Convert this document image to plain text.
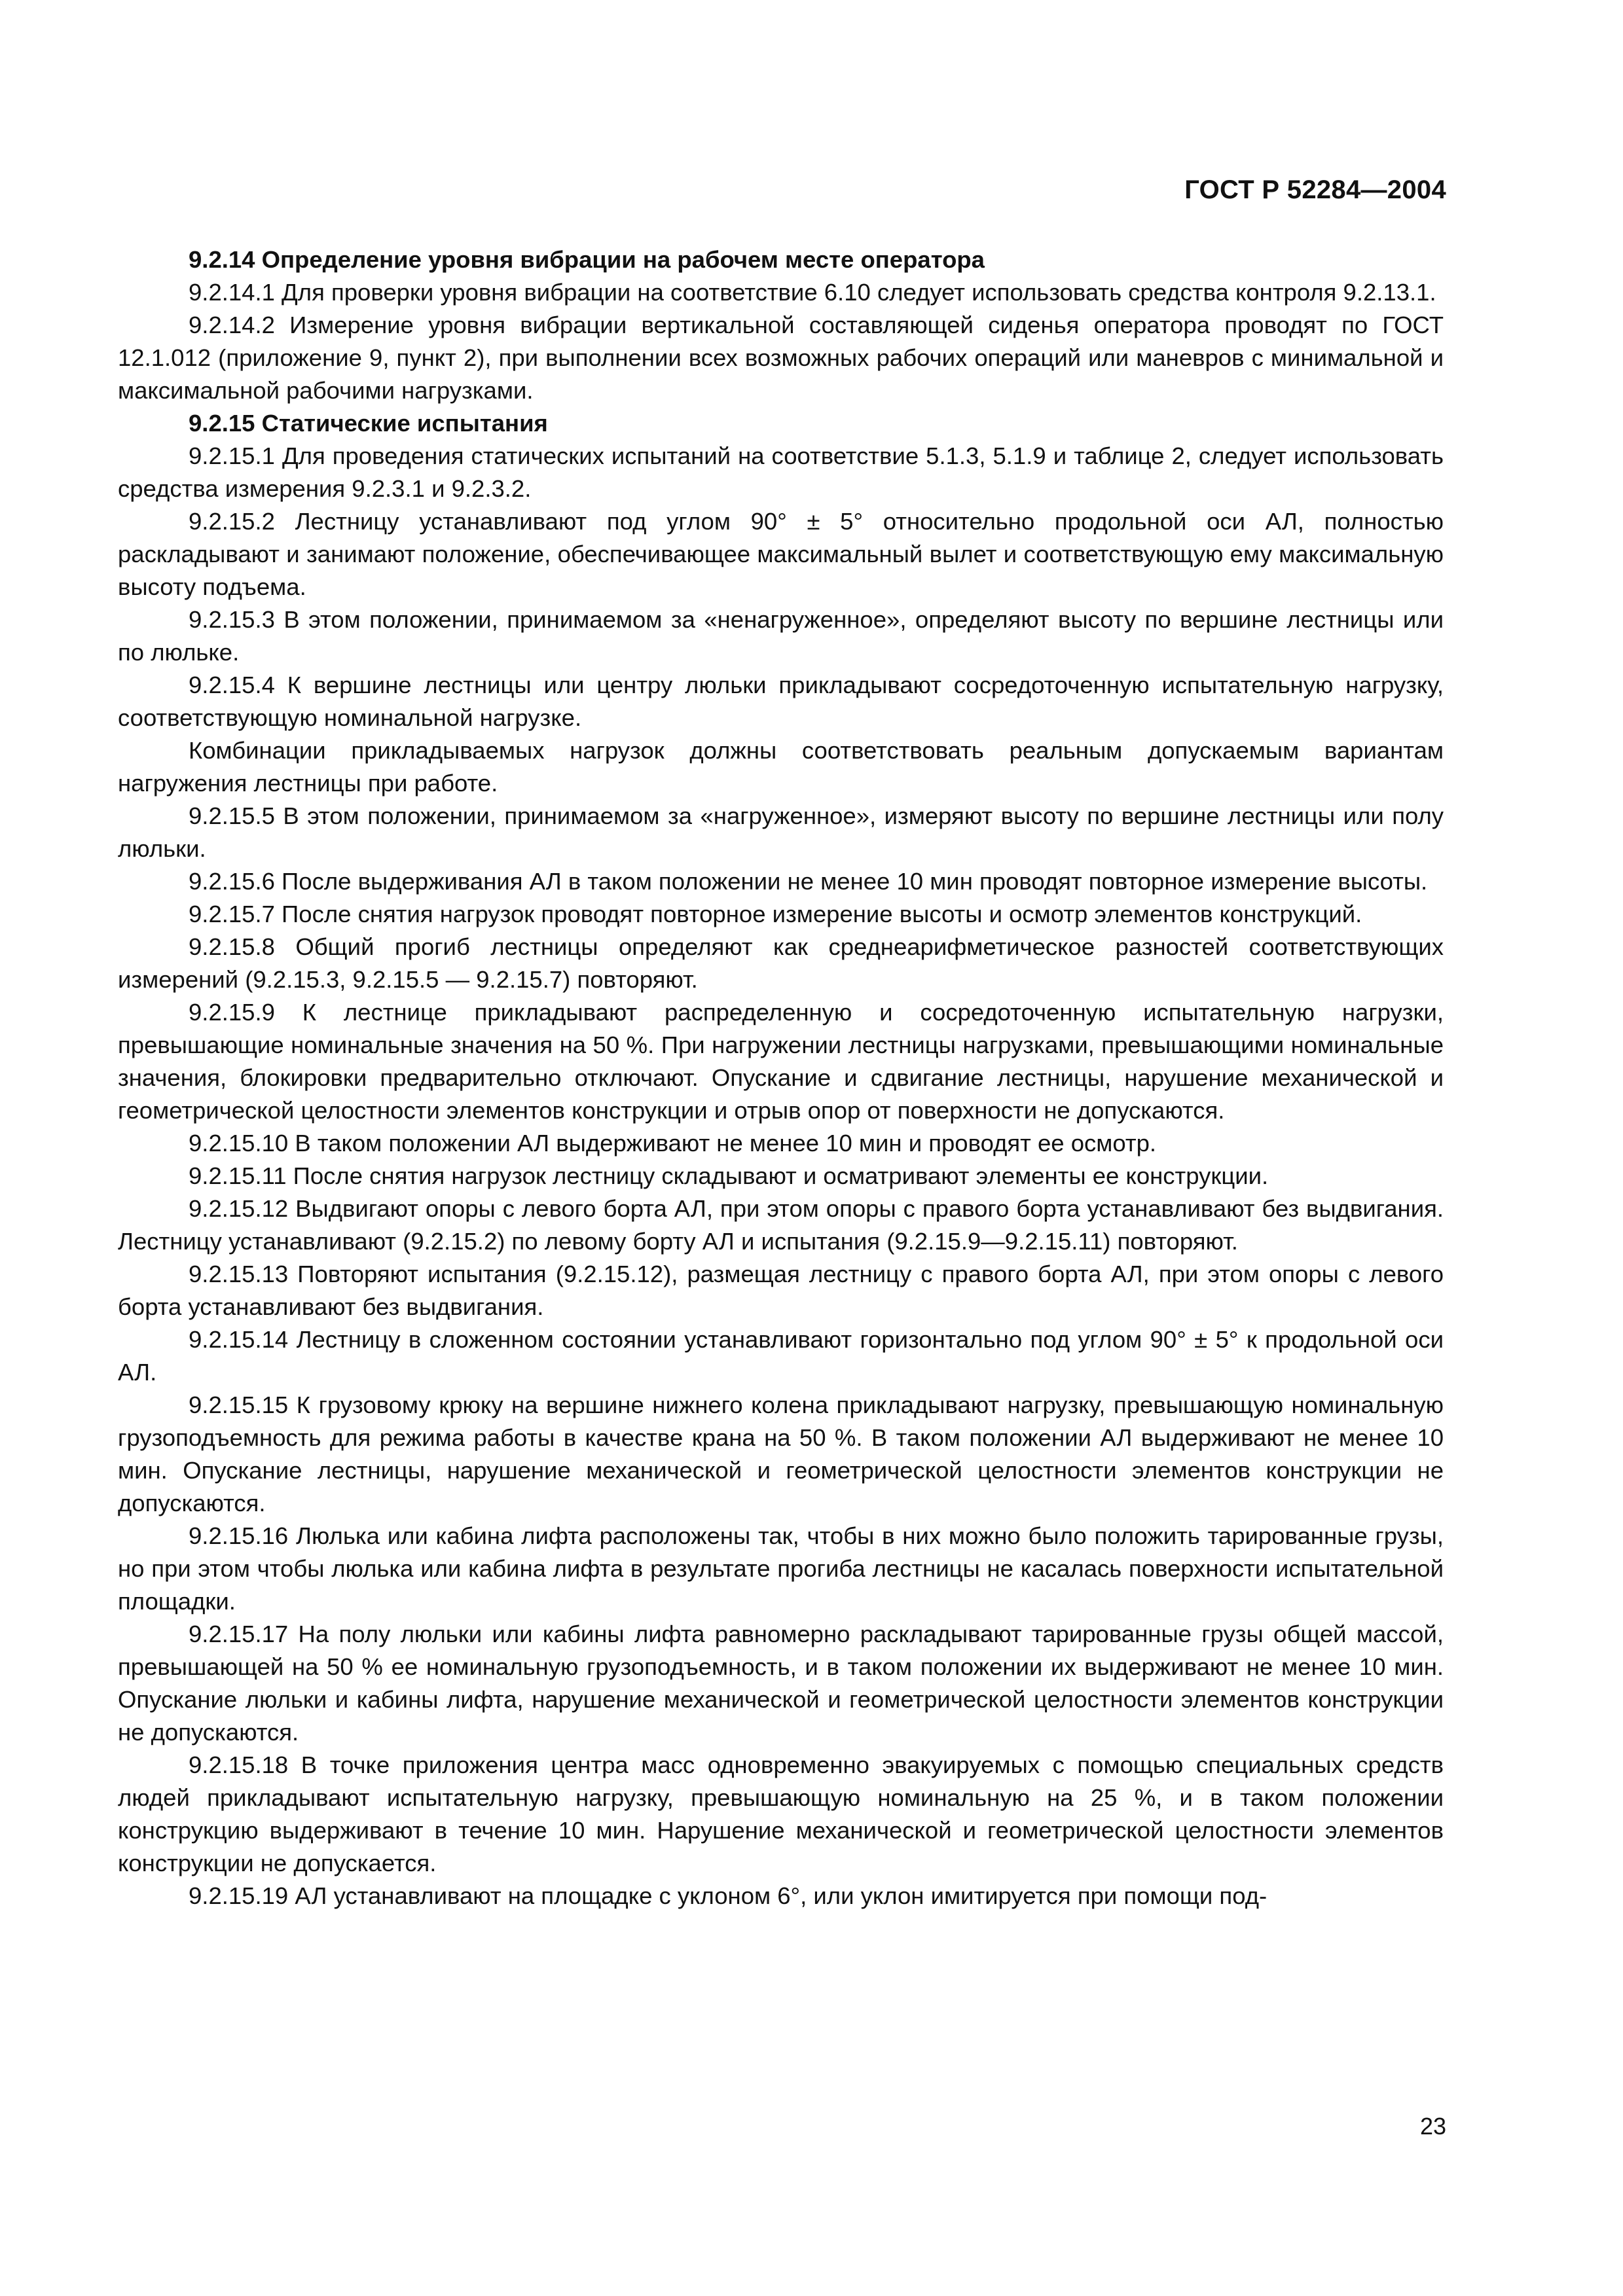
ГОСТ Р 52284—2004

9.2.14 Определение уровня вибрации на рабочем месте оператора

9.2.14.1 Для проверки уровня вибрации на соответствие 6.10 следует использовать средства контроля 9.2.13.1.

9.2.14.2 Измерение уровня вибрации вертикальной составляющей сиденья оператора проводят по ГОСТ 12.1.012 (приложение 9, пункт 2), при выполнении всех возможных рабочих операций или маневров с минимальной и максимальной рабочими нагрузками.

9.2.15 Статические испытания

9.2.15.1 Для проведения статических испытаний на соответствие 5.1.3, 5.1.9 и таблице 2, следует использовать средства измерения 9.2.3.1 и 9.2.3.2.

9.2.15.2 Лестницу устанавливают под углом 90° ± 5° относительно продольной оси АЛ, полностью раскладывают и занимают положение, обеспечивающее максимальный вылет и соответствующую ему максимальную высоту подъема.

9.2.15.3 В этом положении, принимаемом за «ненагруженное», определяют высоту по вершине лестницы или по люльке.

9.2.15.4 К вершине лестницы или центру люльки прикладывают сосредоточенную испытательную нагрузку, соответствующую номинальной нагрузке.

Комбинации прикладываемых нагрузок должны соответствовать реальным допускаемым вариантам нагружения лестницы при работе.

9.2.15.5 В этом положении, принимаемом за «нагруженное», измеряют высоту по вершине лестницы или полу люльки.

9.2.15.6 После выдерживания АЛ в таком положении не менее 10 мин проводят повторное измерение высоты.

9.2.15.7 После снятия нагрузок проводят повторное измерение высоты и осмотр элементов конструкций.

9.2.15.8 Общий прогиб лестницы определяют как среднеарифметическое разностей соответствующих измерений (9.2.15.3, 9.2.15.5 — 9.2.15.7) повторяют.

9.2.15.9 К лестнице прикладывают распределенную и сосредоточенную испытательную нагрузки, превышающие номинальные значения на 50 %. При нагружении лестницы нагрузками, превышающими номинальные значения, блокировки предварительно отключают. Опускание и сдвигание лестницы, нарушение механической и геометрической целостности элементов конструкции и отрыв опор от поверхности не допускаются.

9.2.15.10 В таком положении АЛ выдерживают не менее 10 мин и проводят ее осмотр.

9.2.15.11 После снятия нагрузок лестницу складывают и осматривают элементы ее конструкции.

9.2.15.12 Выдвигают опоры с левого борта АЛ, при этом опоры с правого борта устанавливают без выдвигания. Лестницу устанавливают (9.2.15.2) по левому борту АЛ и испытания (9.2.15.9—9.2.15.11) повторяют.

9.2.15.13 Повторяют испытания (9.2.15.12), размещая лестницу с правого борта АЛ, при этом опоры с левого борта устанавливают без выдвигания.

9.2.15.14 Лестницу в сложенном состоянии устанавливают горизонтально под углом 90° ± 5° к продольной оси АЛ.

9.2.15.15 К грузовому крюку на вершине нижнего колена прикладывают нагрузку, превышающую номинальную грузоподъемность для режима работы в качестве крана на 50 %. В таком положении АЛ выдерживают не менее 10 мин. Опускание лестницы, нарушение механической и геометрической целостности элементов конструкции не допускаются.

9.2.15.16 Люлька или кабина лифта расположены так, чтобы в них можно было положить тарированные грузы, но при этом чтобы люлька или кабина лифта в результате прогиба лестницы не касалась поверхности испытательной площадки.

9.2.15.17 На полу люльки или кабины лифта равномерно раскладывают тарированные грузы общей массой, превышающей на 50 % ее номинальную грузоподъемность, и в таком положении их выдерживают не менее 10 мин. Опускание люльки и кабины лифта, нарушение механической и геометрической целостности элементов конструкции не допускаются.

9.2.15.18 В точке приложения центра масс одновременно эвакуируемых с помощью специальных средств людей прикладывают испытательную нагрузку, превышающую номинальную на 25 %, и в таком положении конструкцию выдерживают в течение 10 мин. Нарушение механической и геометрической целостности элементов конструкции не допускается.

9.2.15.19 АЛ устанавливают на площадке с уклоном 6°, или уклон имитируется при помощи под-

23
